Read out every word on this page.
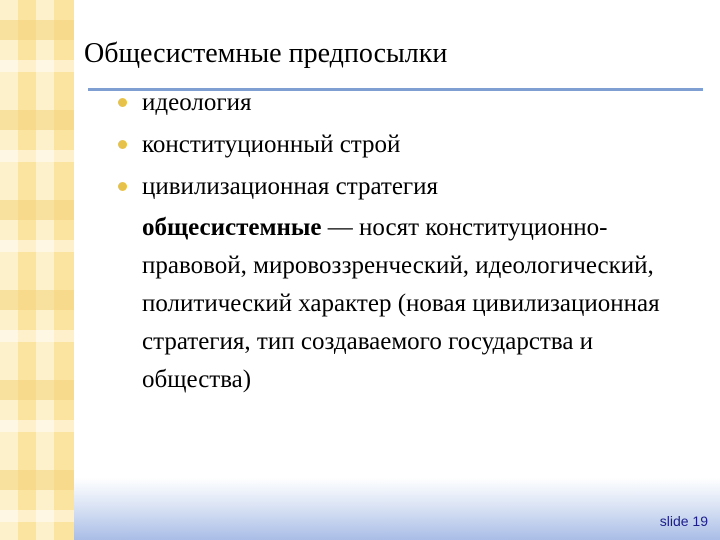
Общесистемные предпосылки
идеология
конституционный строй
цивилизационная стратегия
общесистемные — носят конституционно-правовой, мировоззренческий, идеологический, политический характер (новая цивилизационная стратегия, тип создаваемого государства и общества)
slide 19
